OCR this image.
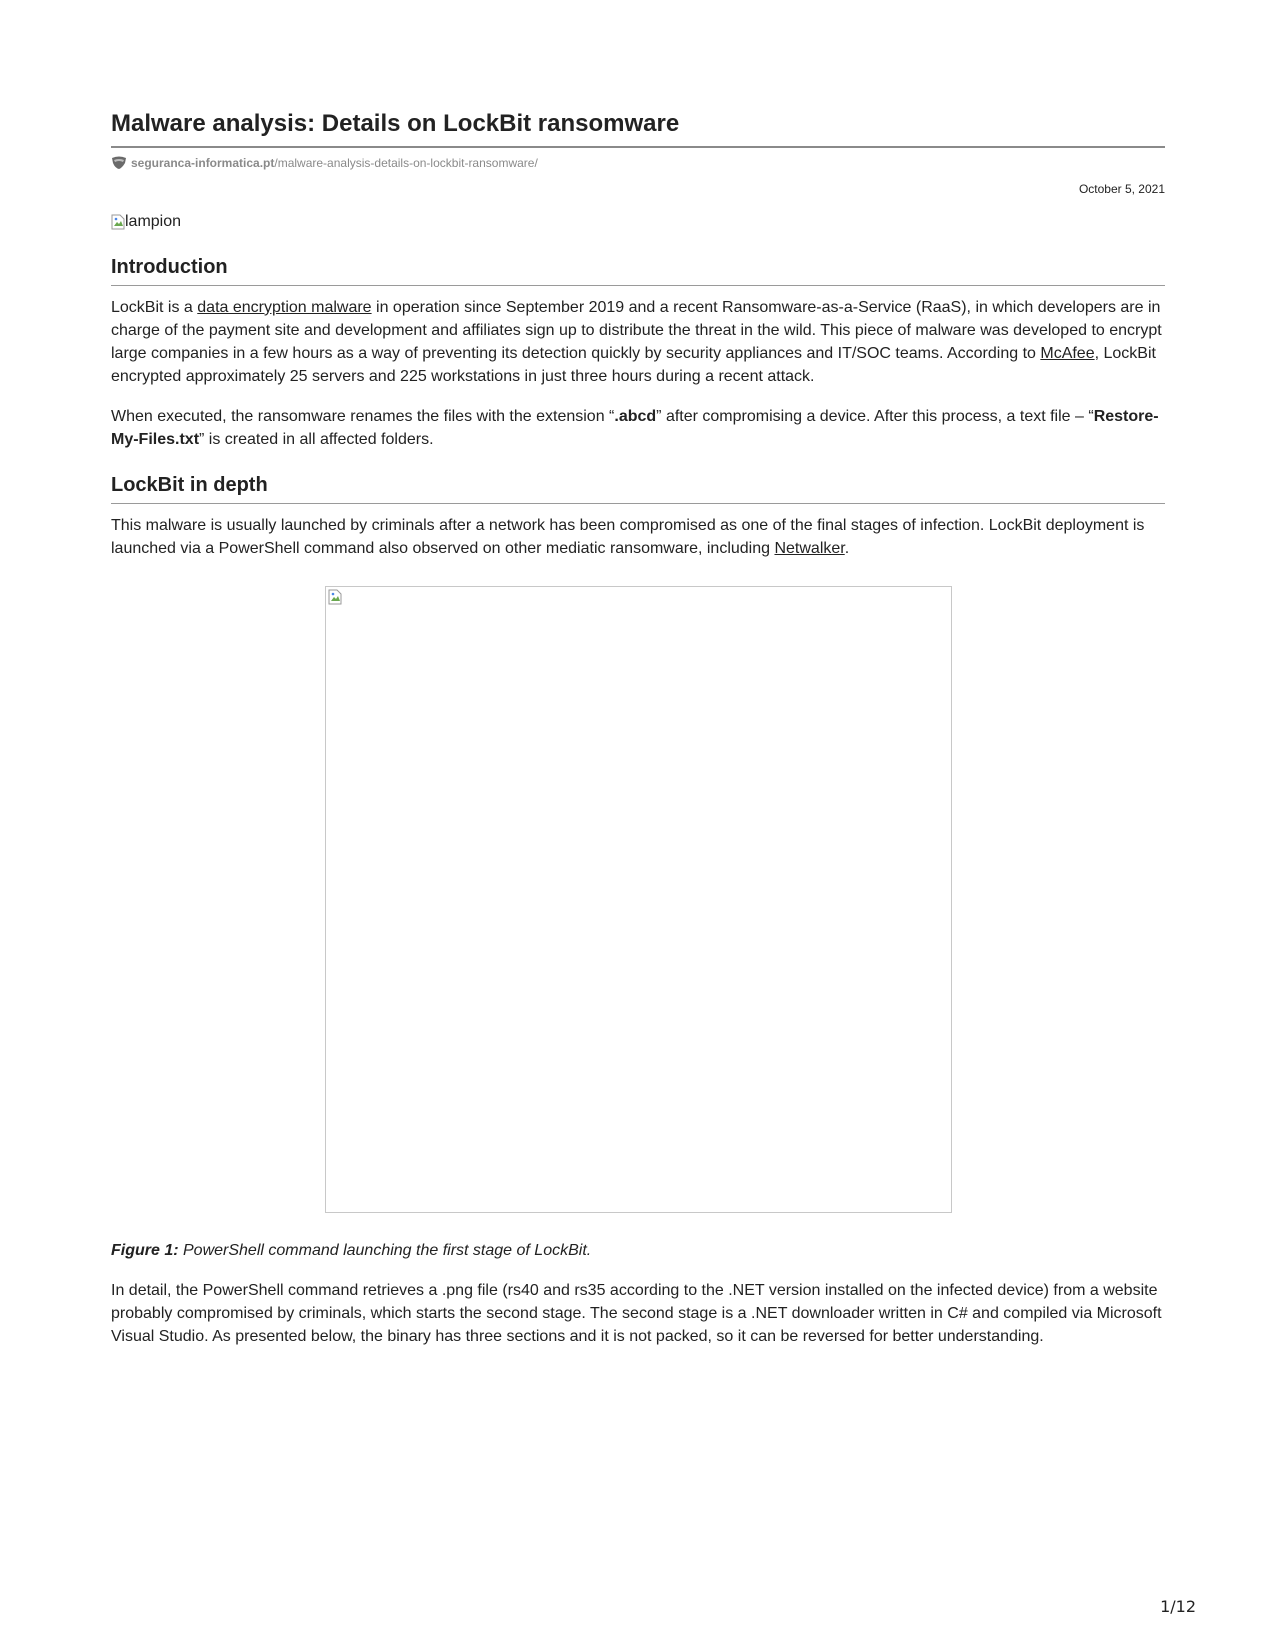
Malware analysis: Details on LockBit ransomware
seguranca-informatica.pt /malware-analysis-details-on-lockbit-ransomware/
October 5, 2021
lampion
Introduction

LockBit is a data encryption malware in operation since September 2019 and a recent Ransomware-as-a-Service (RaaS), in which developers are in charge of the payment site and development and affiliates sign up to distribute the threat in the wild. This piece of malware was developed to encrypt large companies in a few hours as a way of preventing its detection quickly by security appliances and IT/SOC teams. According to McAfee, LockBit encrypted approximately 25 servers and 225 workstations in just three hours during a recent attack.

When executed, the ransomware renames the files with the extension “.abcd” after compromising a device. After this process, a text file – “Restore-My-Files.txt” is created in all affected folders.

LockBit in depth

This malware is usually launched by criminals after a network has been compromised as one of the final stages of infection. LockBit deployment is launched via a PowerShell command also observed on other mediatic ransomware, including Netwalker.

Figure 1: PowerShell command launching the first stage of LockBit.

In detail, the PowerShell command retrieves a .png file (rs40 and rs35 according to the .NET version installed on the infected device) from a website probably compromised by criminals, which starts the second stage. The second stage is a .NET downloader written in C# and compiled via Microsoft Visual Studio. As presented below, the binary has three sections and it is not packed, so it can be reversed for better understanding.

1/12
